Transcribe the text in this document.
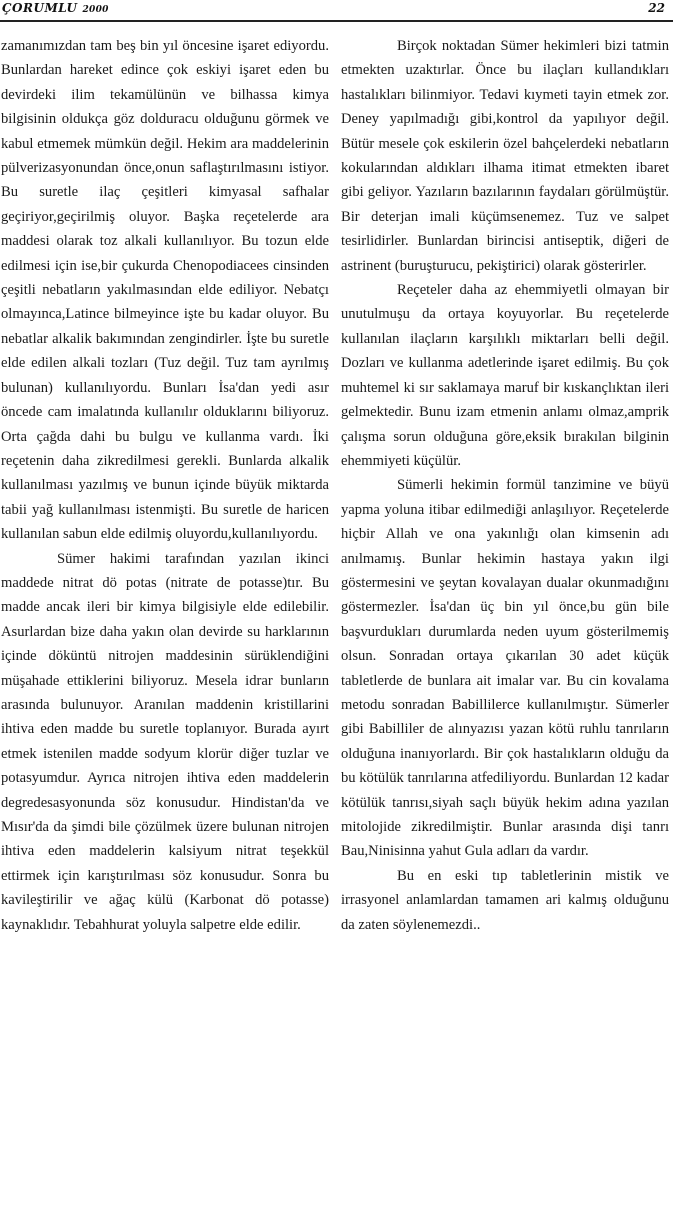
ÇORUMLU 2000	22

zamanımızdan tam beş bin yıl öncesine işaret ediyordu. Bunlardan hareket edince çok eskiyi işaret eden bu devirdeki ilim tekamülünün ve bilhassa kimya bilgisinin oldukça göz dolduracu olduğunu görmek ve kabul etmemek mümkün değil. Hekim ara maddelerinin pülverizasyonundan önce,onun saflaştırılmasını istiyor. Bu suretle ilaç çeşitleri kimyasal safhalar geçiriyor,geçirilmiş oluyor. Başka reçetelerde ara maddesi olarak toz alkali kullanılıyor. Bu tozun elde edilmesi için ise,bir çukurda Chenopodiacees cinsinden çeşitli nebatların yakılmasından elde ediliyor. Nebatçı olmayınca,Latince bilmeyince işte bu kadar oluyor. Bu nebatlar alkalik bakımından zengindirler. İşte bu suretle elde edilen alkali tozları (Tuz değil. Tuz tam ayrılmış bulunan) kullanılıyordu. Bunları İsa'dan yedi asır öncede cam imalatında kullanılır olduklarını biliyoruz. Orta çağda dahi bu bulgu ve kullanma vardı. İki reçetenin daha zikredilmesi gerekli. Bunlarda alkalik kullanılması yazılmış ve bunun içinde büyük miktarda tabii yağ kullanılması istenmişti. Bu suretle de haricen kullanılan sabun elde edilmiş oluyordu,kullanılıyordu.

Sümer hakimi tarafından yazılan ikinci maddede nitrat dö potas (nitrate de potasse)tır. Bu madde ancak ileri bir kimya bilgisiyle elde edilebilir. Asurlardan bize daha yakın olan devirde su harklarının içinde döküntü nitrojen maddesinin sürüklendiğini müşahade ettiklerini biliyoruz. Mesela idrar bunların arasında bulunuyor. Aranılan maddenin kristillarini ihtiva eden madde bu suretle toplanıyor. Burada ayırt etmek istenilen madde sodyum klorür diğer tuzlar ve potasyumdur. Ayrıca nitrojen ihtiva eden maddelerin degredesasyonunda söz konusudur. Hindistan'da ve Mısır'da da şimdi bile çözülmek üzere bulunan nitrojen ihtiva eden maddelerin kalsiyum nitrat teşekkül ettirmek için karıştırılması söz konusudur. Sonra bu kavileştirilir ve ağaç külü (Karbonat dö potasse) kaynaklıdır. Tebahhurat yoluyla salpetre elde edilir.

Birçok noktadan Sümer hekimleri bizi tatmin etmekten uzaktırlar. Önce bu ilaçları kullandıkları hastalıkları bilinmiyor. Tedavi kıymeti tayin etmek zor. Deney yapılmadığı gibi,kontrol da yapılıyor değil. Bütür mesele çok eskilerin özel bahçelerdeki nebatların kokularından aldıkları ilhama itimat etmekten ibaret gibi geliyor. Yazıların bazılarının faydaları görülmüştür. Bir deterjan imali küçümsenemez. Tuz ve salpet tesirlidirler. Bunlardan birincisi antiseptik, diğeri de astrinent (buruşturucu, pekiştirici) olarak gösterirler.

Reçeteler daha az ehemmiyetli olmayan bir unutulmuşu da ortaya koyuyorlar. Bu reçetelerde kullanılan ilaçların karşılıklı miktarları belli değil. Dozları ve kullanma adetlerinde işaret edilmiş. Bu çok muhtemel ki sır saklamaya maruf bir kıskançlıktan ileri gelmektedir. Bunu izam etmenin anlamı olmaz,amprik çalışma sorun olduğuna göre,eksik bırakılan bilginin ehemmiyeti küçülür.

Sümerli hekimin formül tanzimine ve büyü yapma yoluna itibar edilmediği anlaşılıyor. Reçetelerde hiçbir Allah ve ona yakınlığı olan kimsenin adı anılmamış. Bunlar hekimin hastaya yakın ilgi göstermesini ve şeytan kovalayan dualar okunmadığını göstermezler. İsa'dan üç bin yıl önce,bu gün bile başvurdukları durumlarda neden uyum gösterilmemiş olsun. Sonradan ortaya çıkarılan 30 adet küçük tabletlerde de bunlara ait imalar var. Bu cin kovalama metodu sonradan Babillilerce kullanılmıştır. Sümerler gibi Babilliler de alınyazısı yazan kötü ruhlu tanrıların olduğuna inanıyorlardı. Bir çok hastalıkların olduğu da bu kötülük tanrılarına atfediliyordu. Bunlardan 12 kadar kötülük tanrısı,siyah saçlı büyük hekim adına yazılan mitolojide zikredilmiştir. Bunlar arasında dişi tanrı Bau,Ninisinna yahut Gula adları da vardır.

Bu en eski tıp tabletlerinin mistik ve irrasyonel anlamlardan tamamen ari kalmış olduğunu da zaten söylenemezdi..
